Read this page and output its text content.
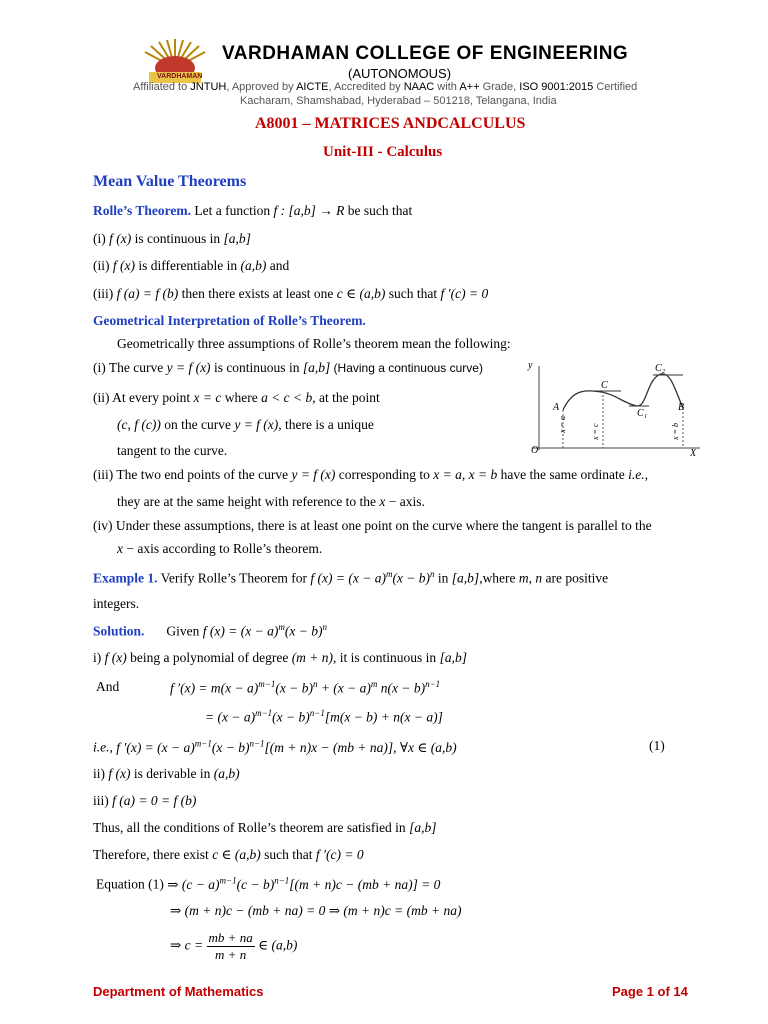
VARDHAMAN
VARDHAMAN COLLEGE OF ENGINEERING
(AUTONOMOUS)
Affiliated to JNTUH, Approved by AICTE, Accredited by NAAC with A++ Grade, ISO 9001:2015 Certified
Kacharam, Shamshabad, Hyderabad – 501218, Telangana, India
A8001 – MATRICES ANDCALCULUS
Unit-III - Calculus
Mean Value Theorems
Rolle’s Theorem. Let a function f : [a,b] → R be such that
(i) f (x) is continuous in [a,b]
(ii) f (x) is differentiable in (a,b) and
(iii) f (a) = f (b) then there exists at least one c ∈ (a,b) such that f ′(c) = 0
Geometrical Interpretation of Rolle’s Theorem.
Geometrically three assumptions of Rolle’s theorem mean the following:
(i) The curve y = f (x) is continuous in [a,b] (Having a continuous curve)
(ii) At every point x = c where a < c < b, at the point
(c, f (c)) on the curve y = f (x), there is a unique
tangent to the curve.
y
X
O
A	B
C
C₁
C₂
x = a	x = c	x = b
(iii) The two end points of the curve y = f (x) corresponding to x = a, x = b have the same ordinate i.e.,
they are at the same height with reference to the x − axis.
(iv) Under these assumptions, there is at least one point on the curve where the tangent is parallel to the
x − axis according to Rolle’s theorem.
Example 1. Verify Rolle’s Theorem for f $(x) = (x - a)^m(x - b)^n$ in [a,b],where m, n are positive
integers.
Solution. Given f $(x) = (x - a)^m(x - b)^n$
i) f (x) being a polynomial of degree (m + n), it is continuous in [a,b]
And	f $'(x) = m(x - a)^{m-1}(x - b)^n + (x - a)^m$ $n(x - b)^{n-1}$
= $(x - a)^{m-1}(x - b)^{n-1}[m(x - b) + n(x - a)]$
i.e., f $'(x) = (x - a)^{m-1}(x - b)^{n-1}[(m + n)x - (mb + na)]$, ∀x ∈ (a,b)	(1)
ii) f (x) is derivable in (a,b)
iii) f (a) = 0 = f (b)
Thus, all the conditions of Rolle’s theorem are satisfied in [a,b]
Therefore, there exist c ∈ (a,b) such that f ′(c) = 0
Equation (1) ⇒ $(c - a)^{m-1}(c - b)^{n-1}[(m + n)c - (mb + na)] = 0$
⇒ (m + n)c − (mb + na) = 0 ⇒ (m + n)c = (mb + na)
⇒ $c = \frac{mb + na}{m + n}$ ∈ (a,b)
Department of Mathematics	Page 1 of 14
